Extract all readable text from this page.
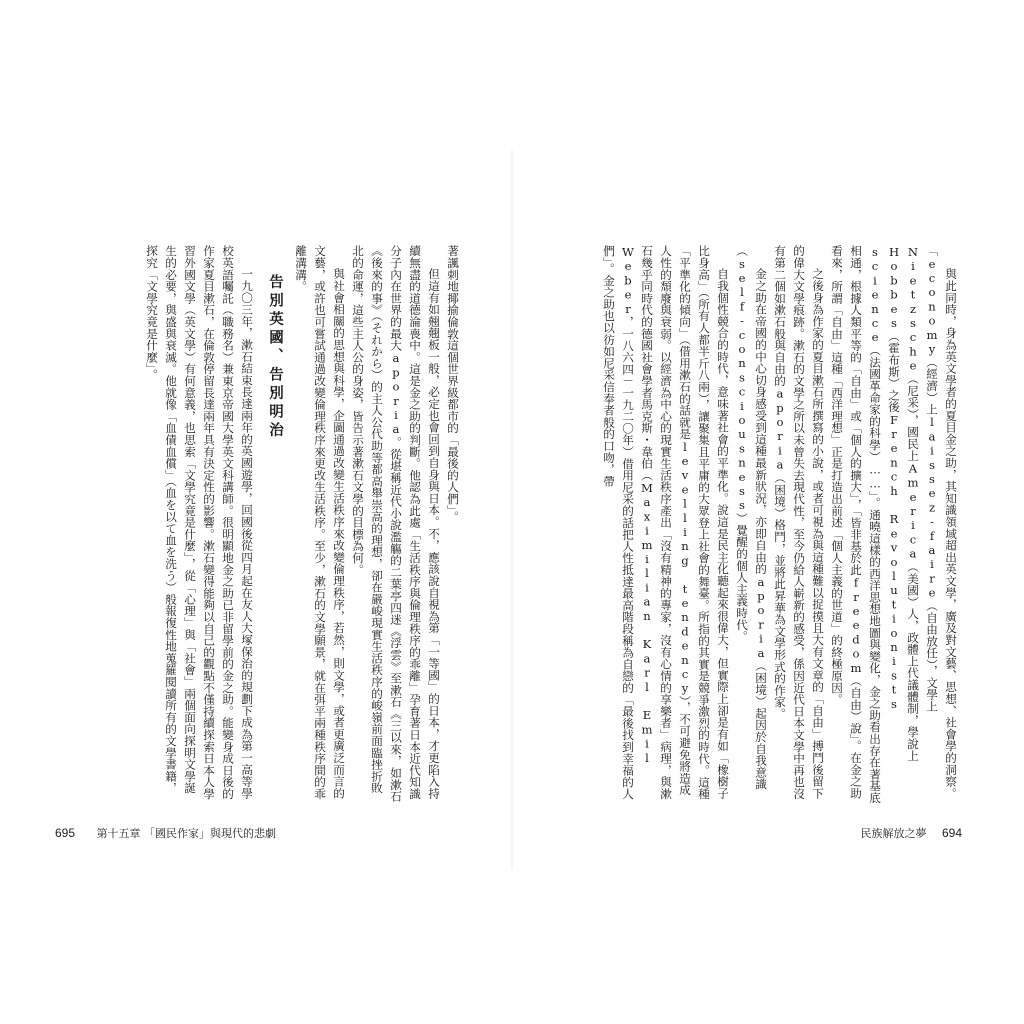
著諷刺地揶揄倫敦這個世界級都市的「最後的人們」。

但這有如翹翹板一般，必定也會回到自身與日本。不，應該說自視為第「一等國」的日本，才更陷入持續無盡的道德淪喪中。這是金之助的判斷。他認為此處「生活秩序與倫理秩序的乖離」孕育著日本近代知識分子內在世界的最大aporia。從堪稱近代小說濫觴的二葉亭四迷《浮雲》至漱石《三以來，如漱石《後來的事》（それから）的主人公代助等都高舉崇高的理想，卻在嚴峻現實生活秩序的峻嶺前面臨挫折敗北的命運，這些主人公的身姿，皆告示著漱石文學的目標為何。

與社會相關的思想與科學，企圖通過改變生活秩序來改變倫理秩序，若然，則文學，或者更廣泛而言的文藝，或許也可嘗試通過改變倫理秩序來更改生活秩序。至少，漱石的文學願景，就在弭平兩種秩序間的乖離溝溝。

告別英國、告別明治

一九〇三年，漱石結束長達兩年的英國遊學，回國後從四月起在友人大塚保治的規劃下成為第一高等學校英語囑託（職務名）兼東京帝國大學英文科講師。很明顯地金之助已非留學前的金之助。能變身成日後的作家夏目漱石，在倫敦停留長達兩年具有決定性的影響。漱石變得能夠以自己的觀點不僅持續探索日本人學習外國文學（英文學）有何意義，也思索「文學究竟是什麼」，從「心理」與「社會」兩個面向探明文學誕生的必要，與盛與衰滅。他就像「血債血償」（血を以て血を洗う）般報復性地蒐羅閱讀所有的文學書籍，探究「文學究竟是什麼」。

695 第十五章 「國民作家」與現代的悲劇	民族解放之夢 694

與此同時，身為英文學者的夏目金之助，其知識領域超出英文學，廣及對文藝、思想、社會學的洞察。「economy（經濟）上laissez-faire（自由放任），文學上Nietzsche（尼采），國民上America（美國）人，政體上代議體制，學說上Hobbes（霍布斯）之後French Revolutionists science（法國革命家的科學）……」。通曉這樣的西洋思想地圖與變化，金之助看出存在著基底相通，根據人類平等的「自由」或「個人的擴大」，「皆非基於此freedom（自由）說」。在金之助看來，所謂「自由」這種「西洋理想」正是打造出前述「個人主義的世道」的終極原因。

之後身為作家的夏目漱石所撰寫的小說，或者可視為與這種難以捉摸且大有文章的「自由」搏鬥後留下的偉大文學痕跡。漱石的文學之所以未曾失去現代性，至今仍給人嶄新的感受，係因近代日本文學中再也沒有第二個如漱石般與自由的aporia（困境）格鬥，並將此昇華為文學形式的作家。

金之助在帝國的中心切身感受到這種最新狀況，亦即自由的aporia（困境）起因於自我意識（self-consciousness）覺醒的個人主義時代。

自我個性競合的時代，意味著社會的平準化。說這是民主化聽起來很偉大，但實際上卻是有如「橡樹子比身高」（所有人都半斤八兩），讓聚集且平庸的大眾登上社會的舞臺。所指的其實是競爭激烈的時代。這種「平準化的傾向」（借用漱石的話就是levelling tendency），不可避免將造成人性的頹廢與衰弱。以經濟為中心的現實生活秩序產出「沒有精神的專家，沒有心情的享樂者」病理，與漱石幾乎同時代的德國社會學者馬克斯・韋伯（Maximilian Karl Emil Weber，一八六四－一九二〇年）借用尼采的話把人性抵達最高階段稱為自戀的「最後找到幸福的人們」。金之助也以彷如尼采信奉者般的口吻，帶
